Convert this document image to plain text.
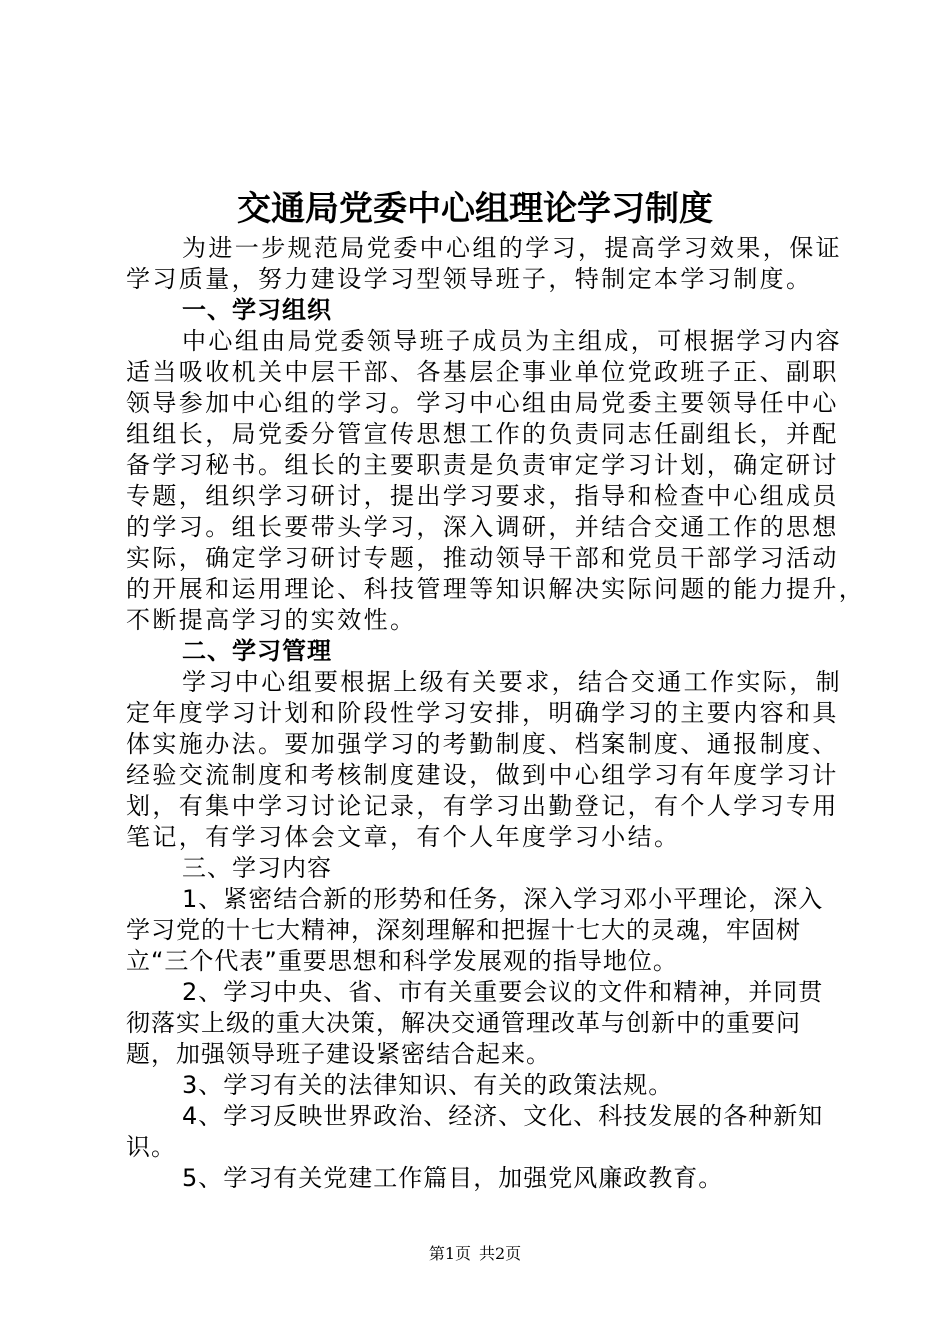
交通局党委中心组理论学习制度
为进一步规范局党委中心组的学习，提高学习效果，保证
学习质量，努力建设学习型领导班子，特制定本学习制度。
一、学习组织
中心组由局党委领导班子成员为主组成，可根据学习内容
适当吸收机关中层干部、各基层企事业单位党政班子正、副职
领导参加中心组的学习。学习中心组由局党委主要领导任中心
组组长，局党委分管宣传思想工作的负责同志任副组长，并配
备学习秘书。组长的主要职责是负责审定学习计划，确定研讨
专题，组织学习研讨，提出学习要求，指导和检查中心组成员
的学习。组长要带头学习，深入调研，并结合交通工作的思想
实际，确定学习研讨专题，推动领导干部和党员干部学习活动
的开展和运用理论、科技管理等知识解决实际问题的能力提升，
不断提高学习的实效性。
二、学习管理
学习中心组要根据上级有关要求，结合交通工作实际，制
定年度学习计划和阶段性学习安排，明确学习的主要内容和具
体实施办法。要加强学习的考勤制度、档案制度、通报制度、
经验交流制度和考核制度建设，做到中心组学习有年度学习计
划，有集中学习讨论记录，有学习出勤登记，有个人学习专用
笔记，有学习体会文章，有个人年度学习小结。
三、学习内容
1、紧密结合新的形势和任务，深入学习邓小平理论，深入
学习党的十七大精神，深刻理解和把握十七大的灵魂，牢固树
立“三个代表”重要思想和科学发展观的指导地位。
2、学习中央、省、市有关重要会议的文件和精神，并同贯
彻落实上级的重大决策，解决交通管理改革与创新中的重要问
题，加强领导班子建设紧密结合起来。
3、学习有关的法律知识、有关的政策法规。
4、学习反映世界政治、经济、文化、科技发展的各种新知
识。
5、学习有关党建工作篇目，加强党风廉政教育。
第1页 共2页
